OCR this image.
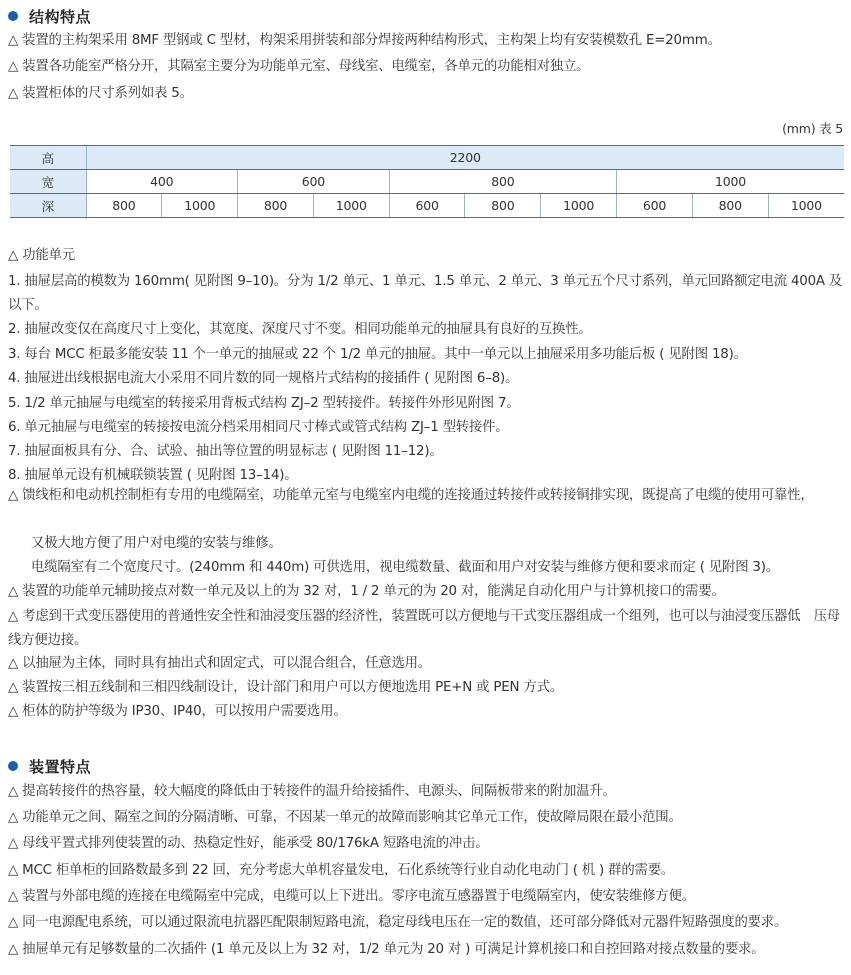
结构特点
△ 装置的主构架采用 8MF 型钢或 C 型材，构架采用拼装和部分焊接两种结构形式，主构架上均有安装模数孔 E=20mm。
△ 装置各功能室严格分开，其隔室主要分为功能单元室、母线室、电缆室，各单元的功能相对独立。
△ 装置柜体的尺寸系列如表 5。
(mm) 表 5
高	2200									
宽	400		600		800			1000		
深	800	1000	800	1000	600	800	1000	600	800	1000
△ 功能单元
1. 抽屉层高的模数为 160mm( 见附图 9–10)。分为 1/2 单元、1 单元、1.5 单元、2 单元、3 单元五个尺寸系列，单元回路额定电流 400A 及以下。
2. 抽屉改变仅在高度尺寸上变化，其宽度、深度尺寸不变。相同功能单元的抽屉具有良好的互换性。
3. 每台 MCC 柜最多能安装 11 个一单元的抽屉或 22 个 1/2 单元的抽屉。其中一单元以上抽屉采用多功能后板 ( 见附图 18)。
4. 抽屉进出线根据电流大小采用不同片数的同一规格片式结构的接插件 ( 见附图 6–8)。
5. 1/2 单元抽屉与电缆室的转接采用背板式结构 ZJ–2 型转接件。转接件外形见附图 7。
6. 单元抽屉与电缆室的转接按电流分档采用相同尺寸棒式或管式结构 ZJ–1 型转接件。
7. 抽屉面板具有分、合、试验、抽出等位置的明显标志 ( 见附图 11–12)。
8. 抽屉单元设有机械联锁装置 ( 见附图 13–14)。
△ 馈线柜和电动机控制柜有专用的电缆隔室，功能单元室与电缆室内电缆的连接通过转接件或转接铜排实现，既提高了电缆的使用可靠性，
又极大地方便了用户对电缆的安装与维修。
电缆隔室有二个宽度尺寸。(240mm 和 440m) 可供选用，视电缆数量、截面和用户对安装与维修方便和要求而定 ( 见附图 3)。
△ 装置的功能单元辅助接点对数一单元及以上的为 32 对，1 / 2 单元的为 20 对，能满足自动化用户与计算机接口的需要。
△ 考虑到干式变压器使用的普通性安全性和油浸变压器的经济性，装置既可以方便地与干式变压器组成一个组列，也可以与油浸变压器低　压母线方便边接。
△ 以抽屉为主体，同时具有抽出式和固定式，可以混合组合，任意选用。
△ 装置按三相五线制和三相四线制设计，设计部门和用户可以方便地选用 PE+N 或 PEN 方式。
△ 柜体的防护等级为 IP30、IP40，可以按用户需要选用。
装置特点
△ 提高转接件的热容量，较大幅度的降低由于转接件的温升给接插件、电源头、间隔板带来的附加温升。
△ 功能单元之间、隔室之间的分隔清晰、可靠，不因某一单元的故障而影响其它单元工作，使故障局限在最小范围。
△ 母线平置式排列使装置的动、热稳定性好，能承受 80/176kA 短路电流的冲击。
△ MCC 柜单柜的回路数最多到 22 回，充分考虑大单机容量发电，石化系统等行业自动化电动门 ( 机 ) 群的需要。
△ 装置与外部电缆的连接在电缆隔室中完成，电缆可以上下进出。零序电流互感器置于电缆隔室内，使安装维修方便。
△ 同一电源配电系统，可以通过限流电抗器匹配限制短路电流，稳定母线电压在一定的数值，还可部分降低对元器件短路强度的要求。
△ 抽屉单元有足够数量的二次插件 (1 单元及以上为 32 对，1/2 单元为 20 对 ) 可满足计算机接口和自控回路对接点数量的要求。
